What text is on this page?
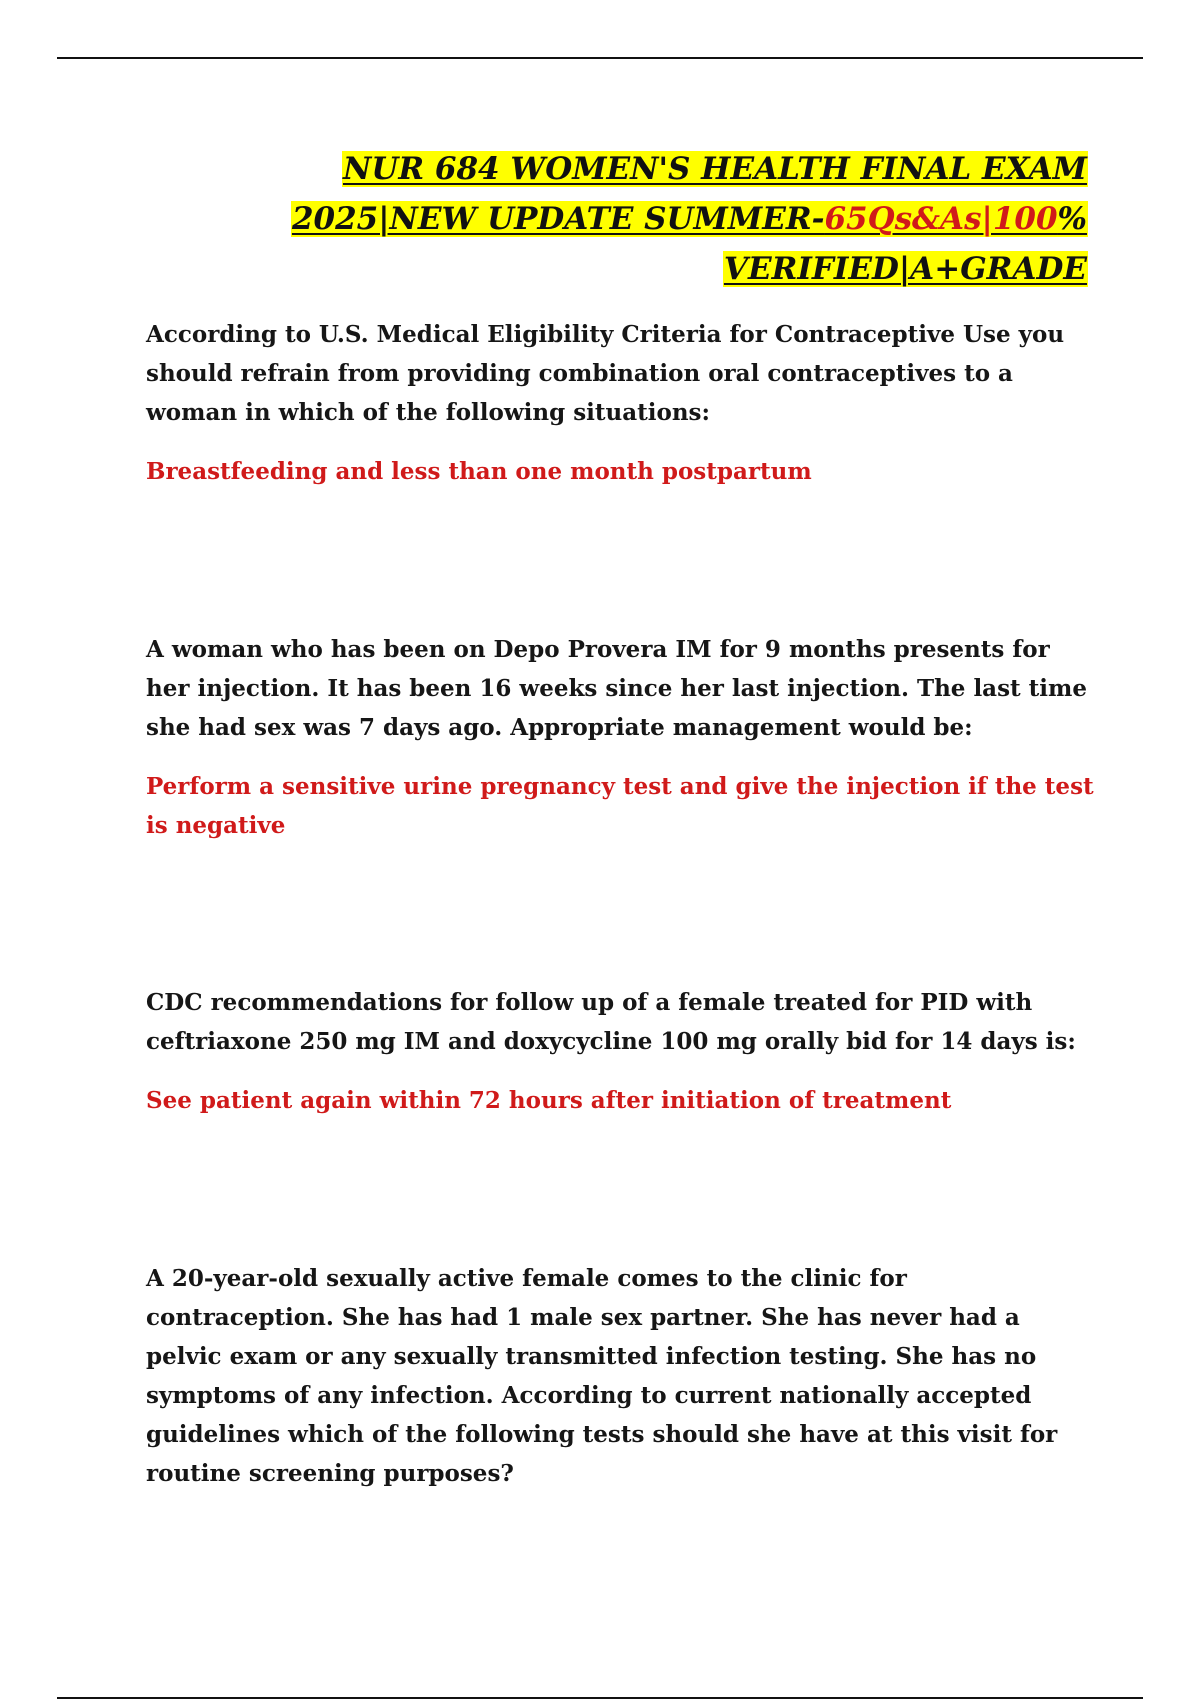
NUR 684 WOMEN'S HEALTH FINAL EXAM
2025|NEW UPDATE SUMMER-65Qs&As|100%
VERIFIED|A+GRADE

According to U.S. Medical Eligibility Criteria for Contraceptive Use you should refrain from providing combination oral contraceptives to a woman in which of the following situations:

Breastfeeding and less than one month postpartum

A woman who has been on Depo Provera IM for 9 months presents for her injection. It has been 16 weeks since her last injection. The last time she had sex was 7 days ago. Appropriate management would be:

Perform a sensitive urine pregnancy test and give the injection if the test is negative

CDC recommendations for follow up of a female treated for PID with ceftriaxone 250 mg IM and doxycycline 100 mg orally bid for 14 days is:

See patient again within 72 hours after initiation of treatment

A 20-year-old sexually active female comes to the clinic for contraception. She has had 1 male sex partner. She has never had a pelvic exam or any sexually transmitted infection testing. She has no symptoms of any infection. According to current nationally accepted guidelines which of the following tests should she have at this visit for routine screening purposes?
